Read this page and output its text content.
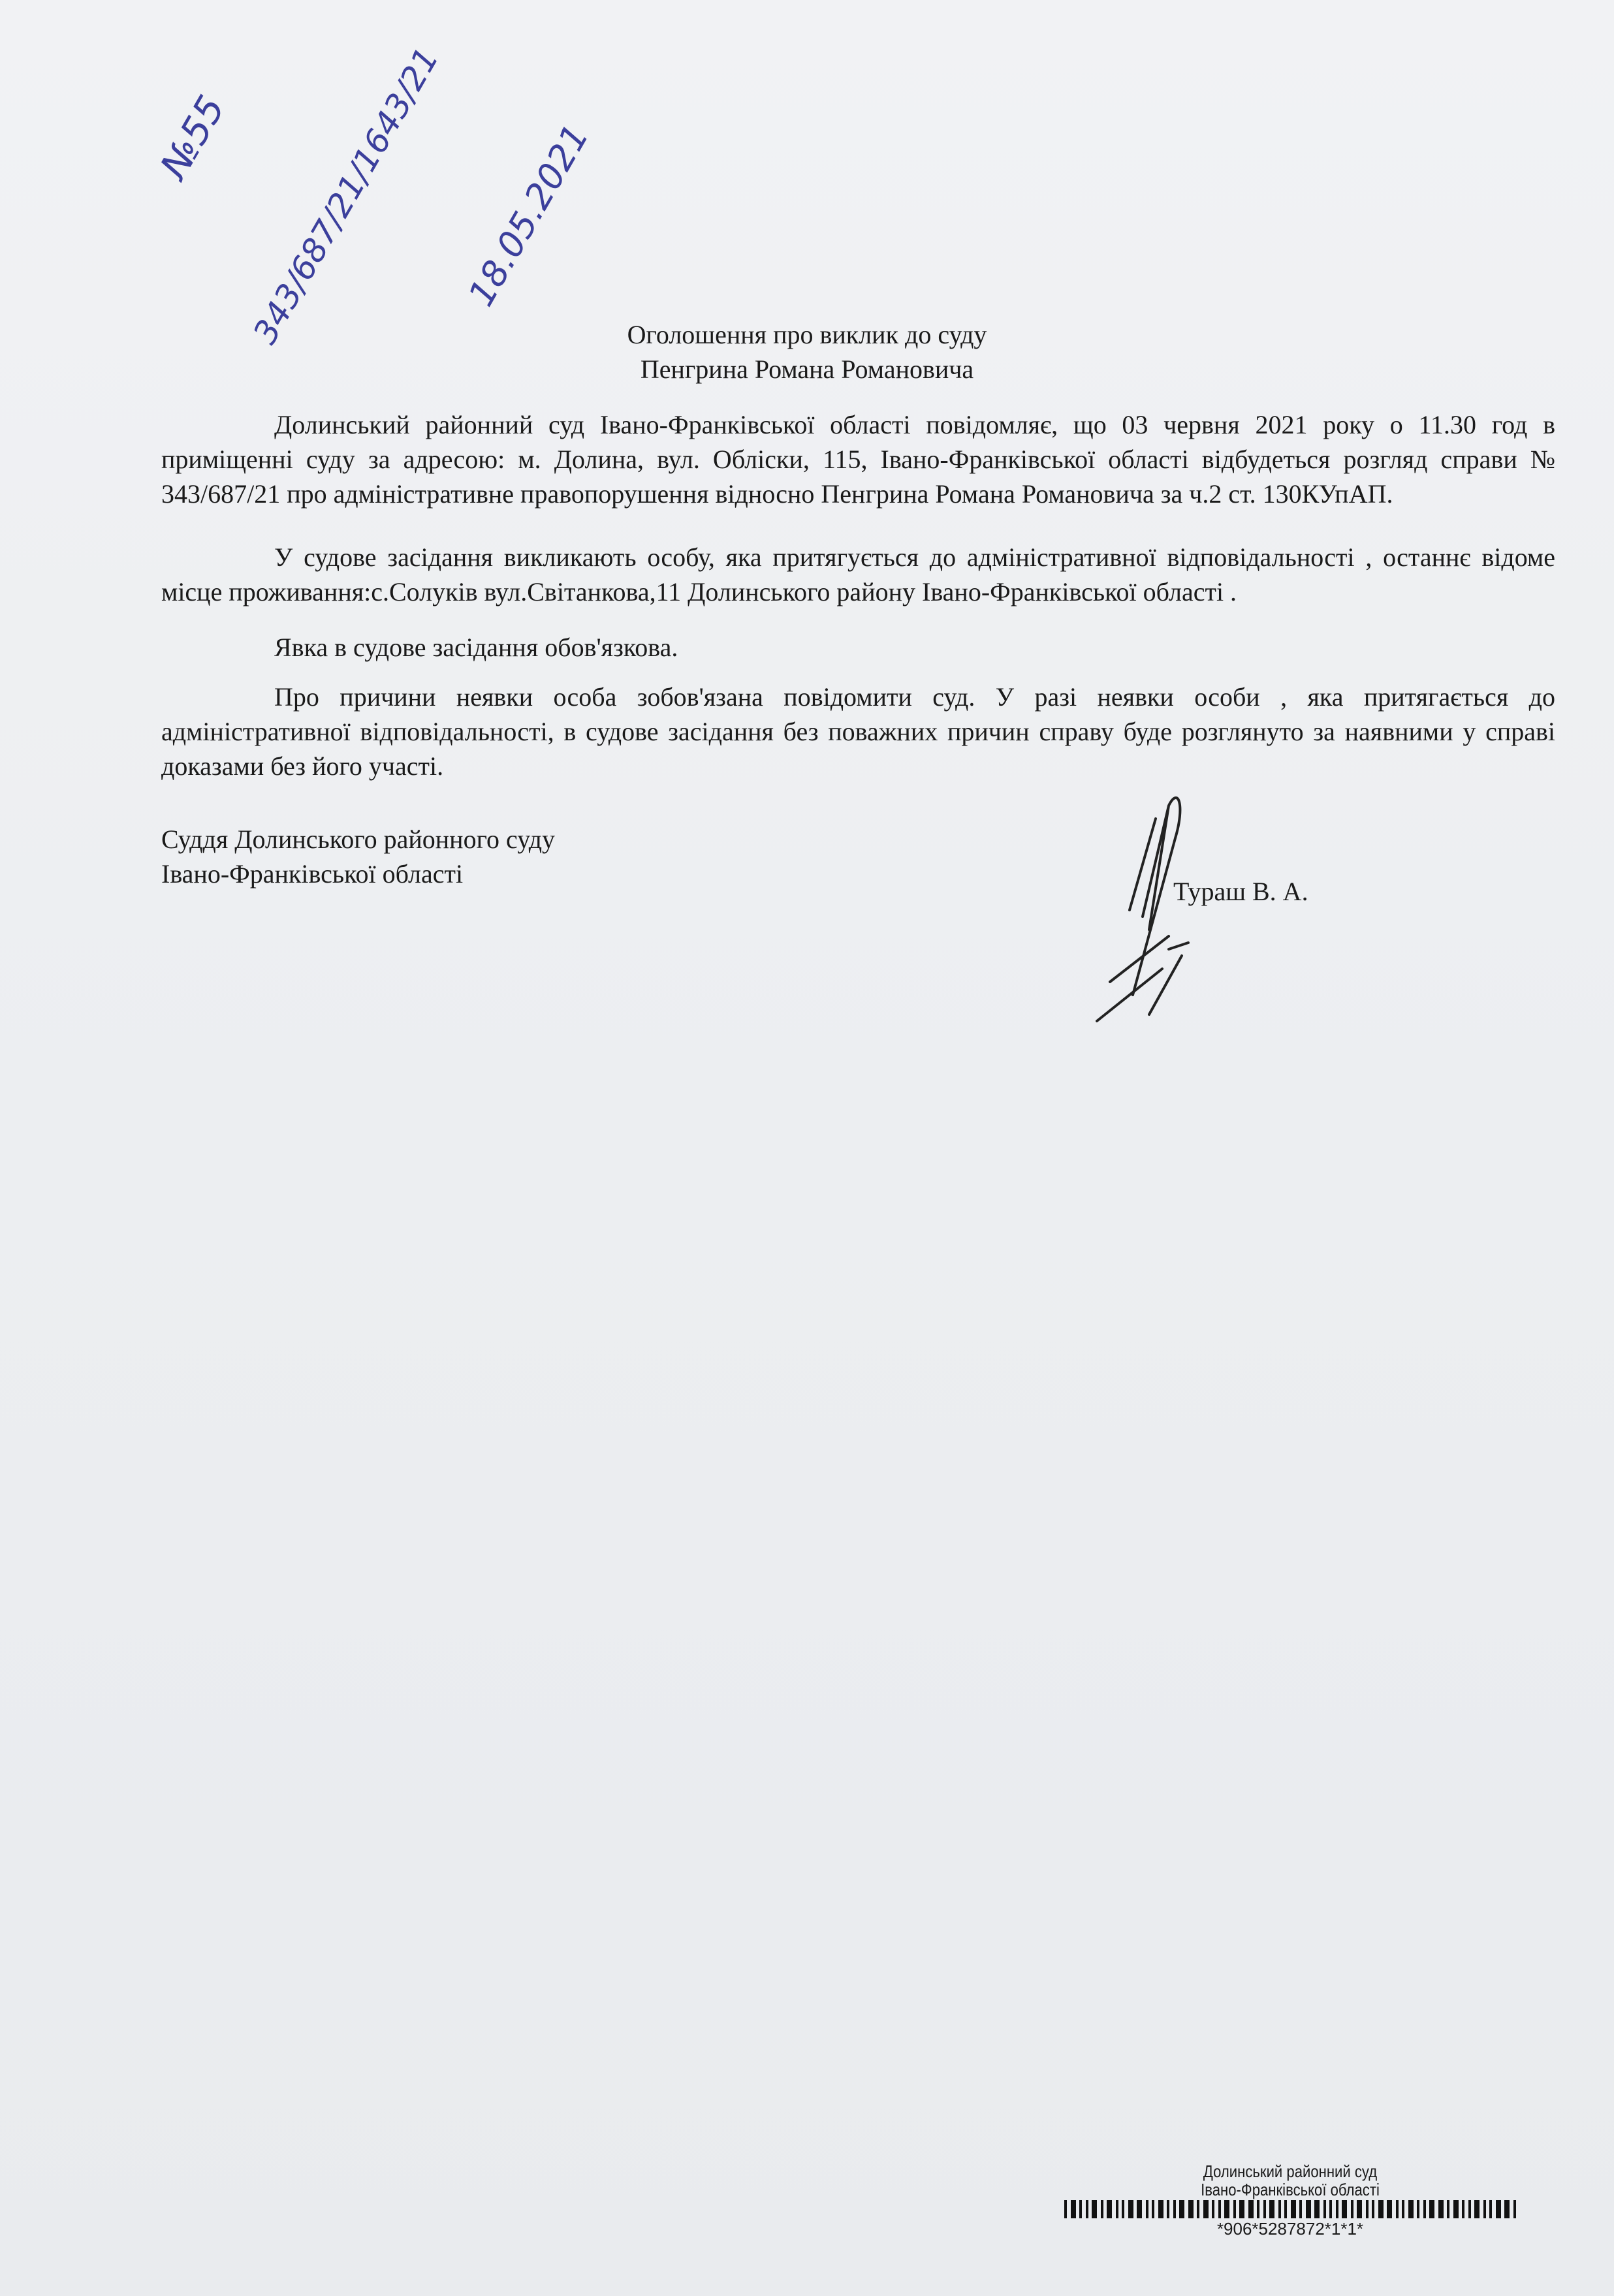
№55 343/687/21/1643/21 18.05.2021
Оголошення про виклик до суду
Пенгрина Романа Романовича

Долинський районний суд Івано-Франківської області повідомляє, що 03 червня 2021 року о 11.30 год в приміщенні суду за адресою: м. Долина, вул. Обліски, 115, Івано-Франківської області відбудеться розгляд справи № 343/687/21 про адміністративне правопорушення відносно Пенгрина Романа Романовича за ч.2 ст. 130КУпАП.

У судове засідання викликають особу, яка притягується до адміністративної відповідальності , останнє відоме місце проживання:с.Солуків вул.Світанкова,11 Долинського району Івано-Франківської області .

Явка в судове засідання обов'язкова.

Про причини неявки особа зобов'язана повідомити суд. У разі неявки особи , яка притягається до адміністративної відповідальності, в судове засідання без поважних причин справу буде розглянуто за наявними у справі доказами без його участі.

Суддя Долинського районного суду
Івано-Франківської області
Тураш В. А.
Долинський районний суд
Івано-Франківської області
*906*5287872*1*1*
